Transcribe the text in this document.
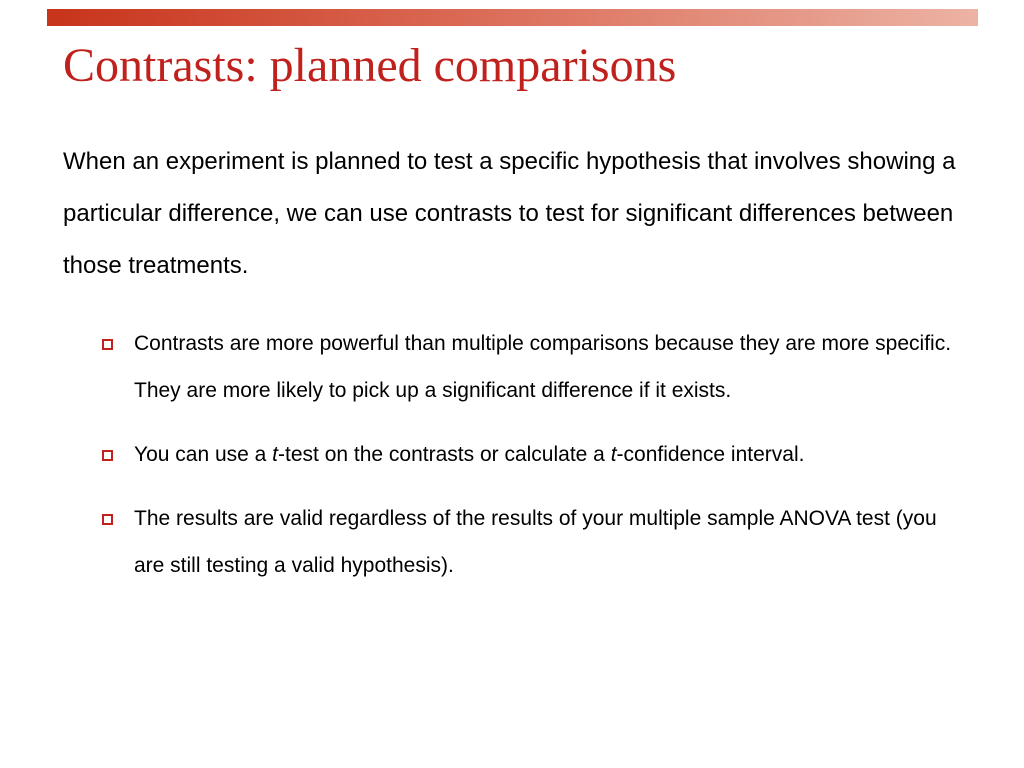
Contrasts: planned comparisons

When an experiment is planned to test a specific hypothesis that involves showing a particular difference, we can use contrasts to test for significant differences between those treatments.

Contrasts are more powerful than multiple comparisons because they are more specific. They are more likely to pick up a significant difference if it exists.
You can use a t-test on the contrasts or calculate a t-confidence interval.
The results are valid regardless of the results of your multiple sample ANOVA test (you are still testing a valid hypothesis).
